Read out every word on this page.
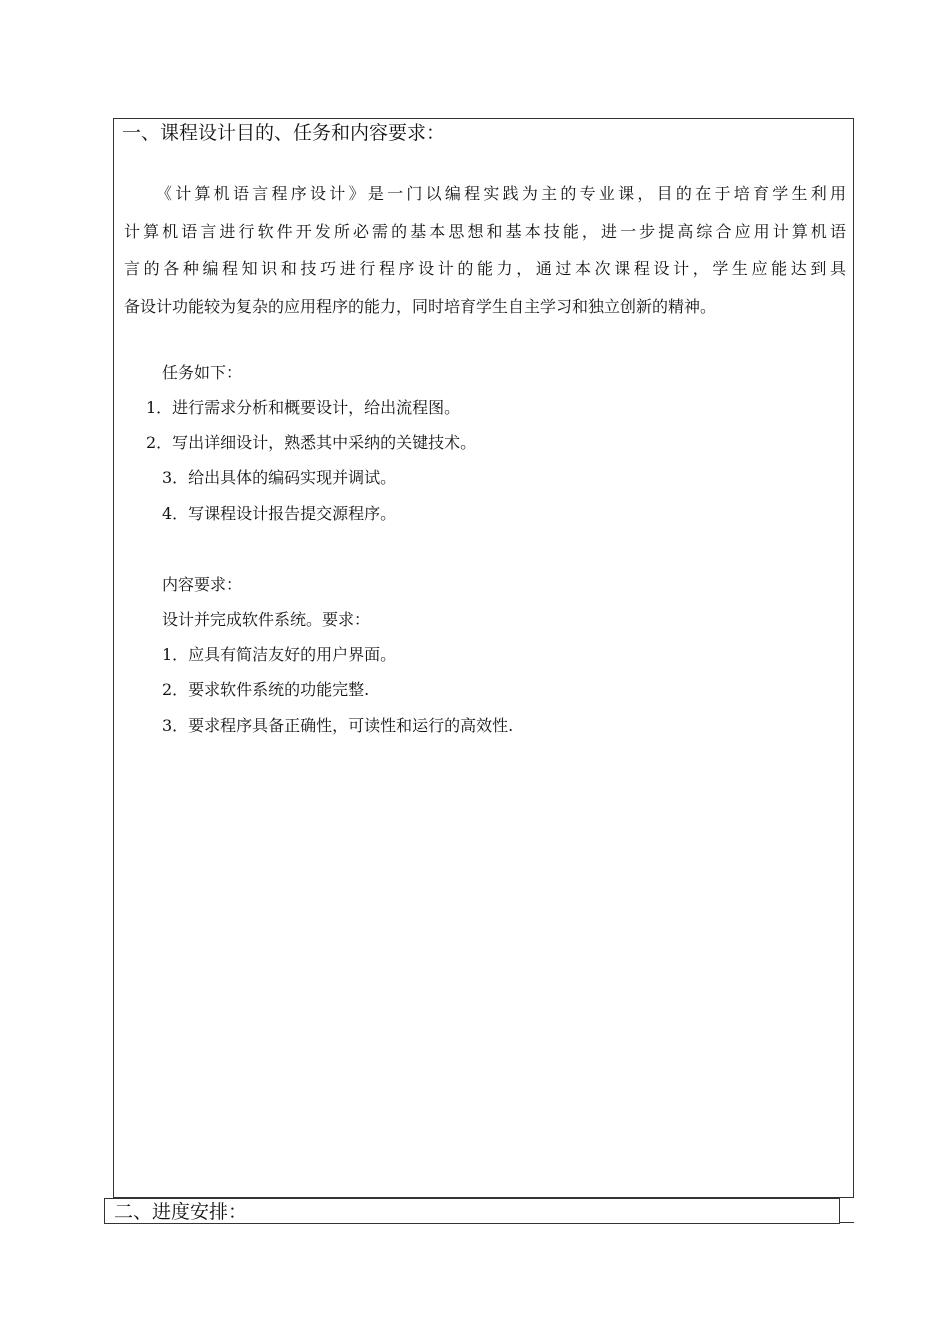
一、课程设计目的、任务和内容要求：
《计算机语言程序设计》是一门以编程实践为主的专业课，目的在于培育学生利用
计算机语言进行软件开发所必需的基本思想和基本技能，进一步提高综合应用计算机语
言的各种编程知识和技巧进行程序设计的能力，通过本次课程设计，学生应能达到具
备设计功能较为复杂的应用程序的能力，同时培育学生自主学习和独立创新的精神。
任务如下：
1．进行需求分析和概要设计，给出流程图。
2．写出详细设计，熟悉其中采纳的关键技术。
3．给出具体的编码实现并调试。
4．写课程设计报告提交源程序。
内容要求：
设计并完成软件系统。要求：
1．应具有简洁友好的用户界面。
2．要求软件系统的功能完整.
3．要求程序具备正确性，可读性和运行的高效性.
二、进度安排：
